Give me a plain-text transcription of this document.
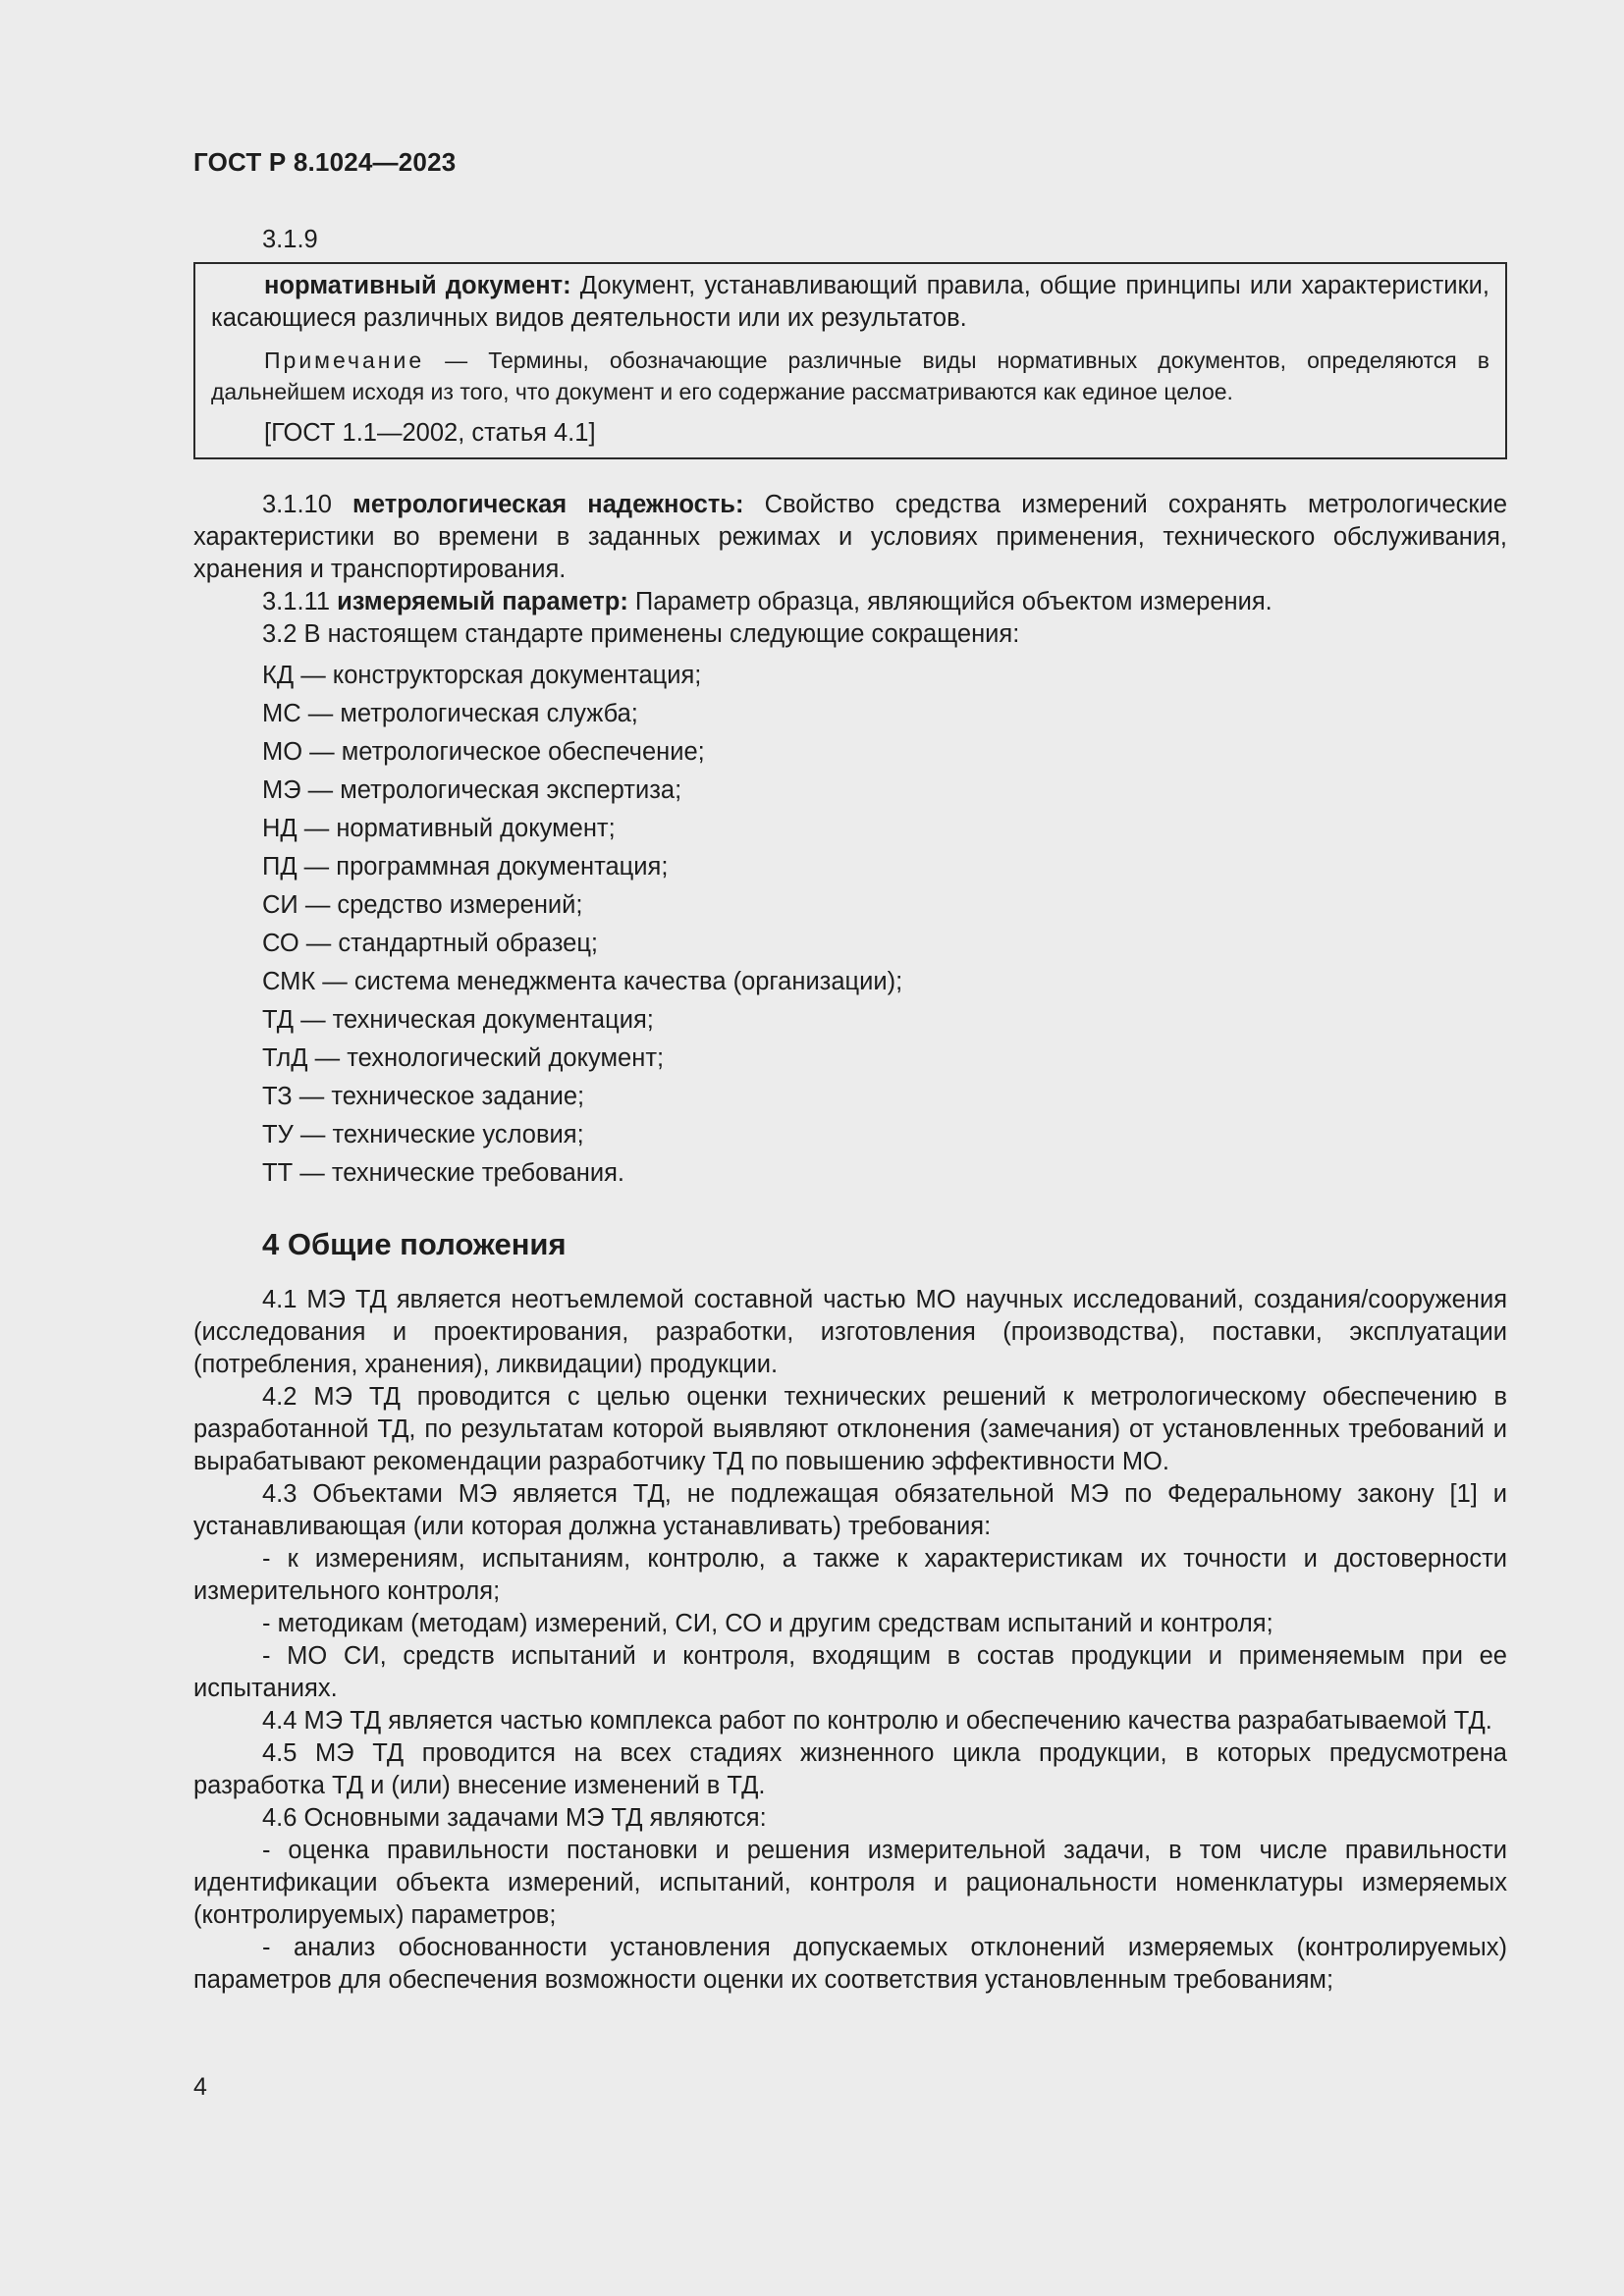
ГОСТ Р 8.1024—2023

3.1.9

нормативный документ: Документ, устанавливающий правила, общие принципы или характеристики, касающиеся различных видов деятельности или их результатов.

Примечание — Термины, обозначающие различные виды нормативных документов, определяются в дальнейшем исходя из того, что документ и его содержание рассматриваются как единое целое.

[ГОСТ 1.1—2002, статья 4.1]

3.1.10 метрологическая надежность: Свойство средства измерений сохранять метрологические характеристики во времени в заданных режимах и условиях применения, технического обслуживания, хранения и транспортирования.

3.1.11 измеряемый параметр: Параметр образца, являющийся объектом измерения.

3.2 В настоящем стандарте применены следующие сокращения:

КД — конструкторская документация;
МС — метрологическая служба;
МО — метрологическое обеспечение;
МЭ — метрологическая экспертиза;
НД — нормативный документ;
ПД — программная документация;
СИ — средство измерений;
СО — стандартный образец;
СМК — система менеджмента качества (организации);
ТД — техническая документация;
ТлД — технологический документ;
ТЗ — техническое задание;
ТУ — технические условия;
ТТ — технические требования.
4 Общие положения

4.1 МЭ ТД является неотъемлемой составной частью МО научных исследований, создания/сооружения (исследования и проектирования, разработки, изготовления (производства), поставки, эксплуатации (потребления, хранения), ликвидации) продукции.

4.2 МЭ ТД проводится с целью оценки технических решений к метрологическому обеспечению в разработанной ТД, по результатам которой выявляют отклонения (замечания) от установленных требований и вырабатывают рекомендации разработчику ТД по повышению эффективности МО.

4.3 Объектами МЭ является ТД, не подлежащая обязательной МЭ по Федеральному закону [1] и устанавливающая (или которая должна устанавливать) требования:

- к измерениям, испытаниям, контролю, а также к характеристикам их точности и достоверности измерительного контроля;

- методикам (методам) измерений, СИ, СО и другим средствам испытаний и контроля;

- МО СИ, средств испытаний и контроля, входящим в состав продукции и применяемым при ее испытаниях.

4.4 МЭ ТД является частью комплекса работ по контролю и обеспечению качества разрабатываемой ТД.

4.5 МЭ ТД проводится на всех стадиях жизненного цикла продукции, в которых предусмотрена разработка ТД и (или) внесение изменений в ТД.

4.6 Основными задачами МЭ ТД являются:

- оценка правильности постановки и решения измерительной задачи, в том числе правильности идентификации объекта измерений, испытаний, контроля и рациональности номенклатуры измеряемых (контролируемых) параметров;

- анализ обоснованности установления допускаемых отклонений измеряемых (контролируемых) параметров для обеспечения возможности оценки их соответствия установленным требованиям;

4
